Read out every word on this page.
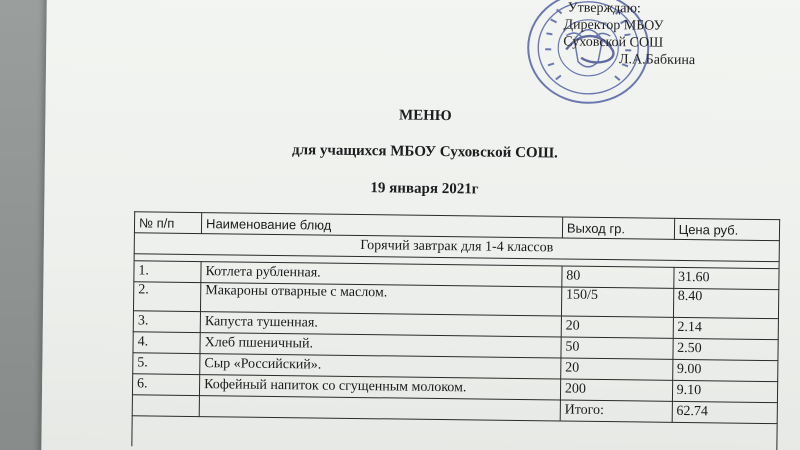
Утверждаю:
Директор МБОУ
Суховской СОШ
Л.А.Бабкина
МЕНЮ
для учащихся МБОУ Суховской СОШ.
19 января 2021г
№ п/п	Наименование блюд	Выход гр.	Цена руб.
Горячий завтрак для 1-4 классов			

1.	Котлета рубленная.	80	31.60
2.	Макароны отварные с маслом.	150/5	8.40
3.	Капуста тушенная.	20	2.14
4.	Хлеб пшеничный.	50	2.50
5.	Сыр «Российский».	20	9.00
6.	Кофейный напиток со сгущенным молоком.	200	9.10
		Итого:	62.74
